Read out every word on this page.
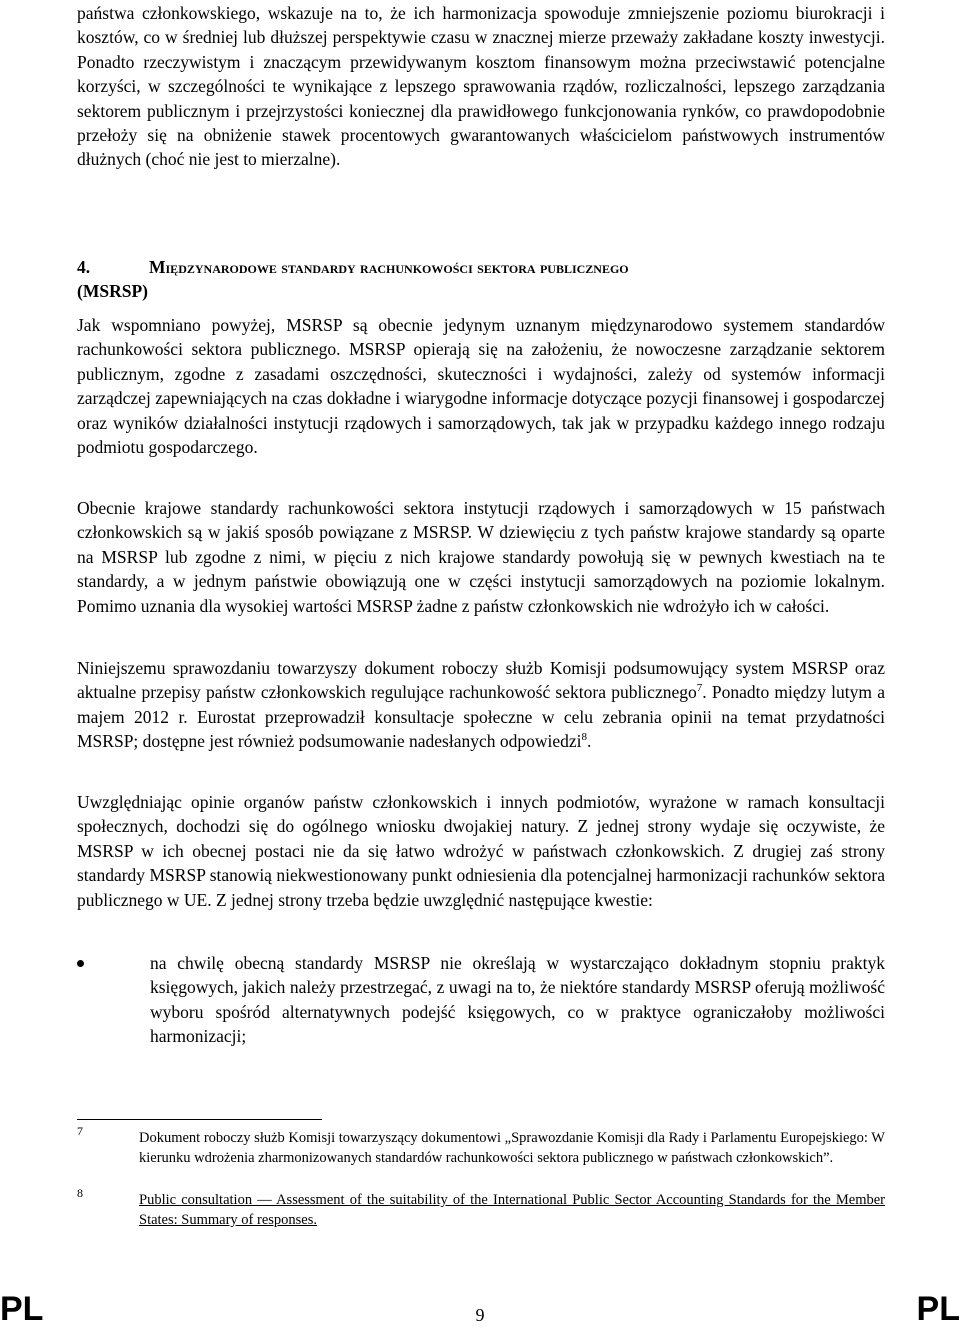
państwa członkowskiego, wskazuje na to, że ich harmonizacja spowoduje zmniejszenie poziomu biurokracji i kosztów, co w średniej lub dłuższej perspektywie czasu w znacznej mierze przeważy zakładane koszty inwestycji. Ponadto rzeczywistym i znaczącym przewidywanym kosztom finansowym można przeciwstawić potencjalne korzyści, w szczególności te wynikające z lepszego sprawowania rządów, rozliczalności, lepszego zarządzania sektorem publicznym i przejrzystości koniecznej dla prawidłowego funkcjonowania rynków, co prawdopodobnie przełoży się na obniżenie stawek procentowych gwarantowanych właścicielom państwowych instrumentów dłużnych (choć nie jest to mierzalne).

4.	Międzynarodowe standardy rachunkowości sektora publicznego
(MSRSP)

Jak wspomniano powyżej, MSRSP są obecnie jedynym uznanym międzynarodowo systemem standardów rachunkowości sektora publicznego. MSRSP opierają się na założeniu, że nowoczesne zarządzanie sektorem publicznym, zgodne z zasadami oszczędności, skuteczności i wydajności, zależy od systemów informacji zarządczej zapewniających na czas dokładne i wiarygodne informacje dotyczące pozycji finansowej i gospodarczej oraz wyników działalności instytucji rządowych i samorządowych, tak jak w przypadku każdego innego rodzaju podmiotu gospodarczego.

Obecnie krajowe standardy rachunkowości sektora instytucji rządowych i samorządowych w 15 państwach członkowskich są w jakiś sposób powiązane z MSRSP. W dziewięciu z tych państw krajowe standardy są oparte na MSRSP lub zgodne z nimi, w pięciu z nich krajowe standardy powołują się w pewnych kwestiach na te standardy, a w jednym państwie obowiązują one w części instytucji samorządowych na poziomie lokalnym. Pomimo uznania dla wysokiej wartości MSRSP żadne z państw członkowskich nie wdrożyło ich w całości.

Niniejszemu sprawozdaniu towarzyszy dokument roboczy służb Komisji podsumowujący system MSRSP oraz aktualne przepisy państw członkowskich regulujące rachunkowość sektora publicznego$^7$. Ponadto między lutym a majem 2012 r. Eurostat przeprowadził konsultacje społeczne w celu zebrania opinii na temat przydatności MSRSP; dostępne jest również podsumowanie nadesłanych odpowiedzi$^8$.

Uwzględniając opinie organów państw członkowskich i innych podmiotów, wyrażone w ramach konsultacji społecznych, dochodzi się do ogólnego wniosku dwojakiej natury. Z jednej strony wydaje się oczywiste, że MSRSP w ich obecnej postaci nie da się łatwo wdrożyć w państwach członkowskich. Z drugiej zaś strony standardy MSRSP stanowią niekwestionowany punkt odniesienia dla potencjalnej harmonizacji rachunków sektora publicznego w UE. Z jednej strony trzeba będzie uwzględnić następujące kwestie:

na chwilę obecną standardy MSRSP nie określają w wystarczająco dokładnym stopniu praktyk księgowych, jakich należy przestrzegać, z uwagi na to, że niektóre standardy MSRSP oferują możliwość wyboru spośród alternatywnych podejść księgowych, co w praktyce ograniczałoby możliwości harmonizacji;

7	Dokument roboczy służb Komisji towarzyszący dokumentowi „Sprawozdanie Komisji dla Rady i Parlamentu Europejskiego: W kierunku wdrożenia zharmonizowanych standardów rachunkowości sektora publicznego w państwach członkowskich”.
8	Public consultation — Assessment of the suitability of the International Public Sector Accounting Standards for the Member States: Summary of responses.
PL	9	PL
